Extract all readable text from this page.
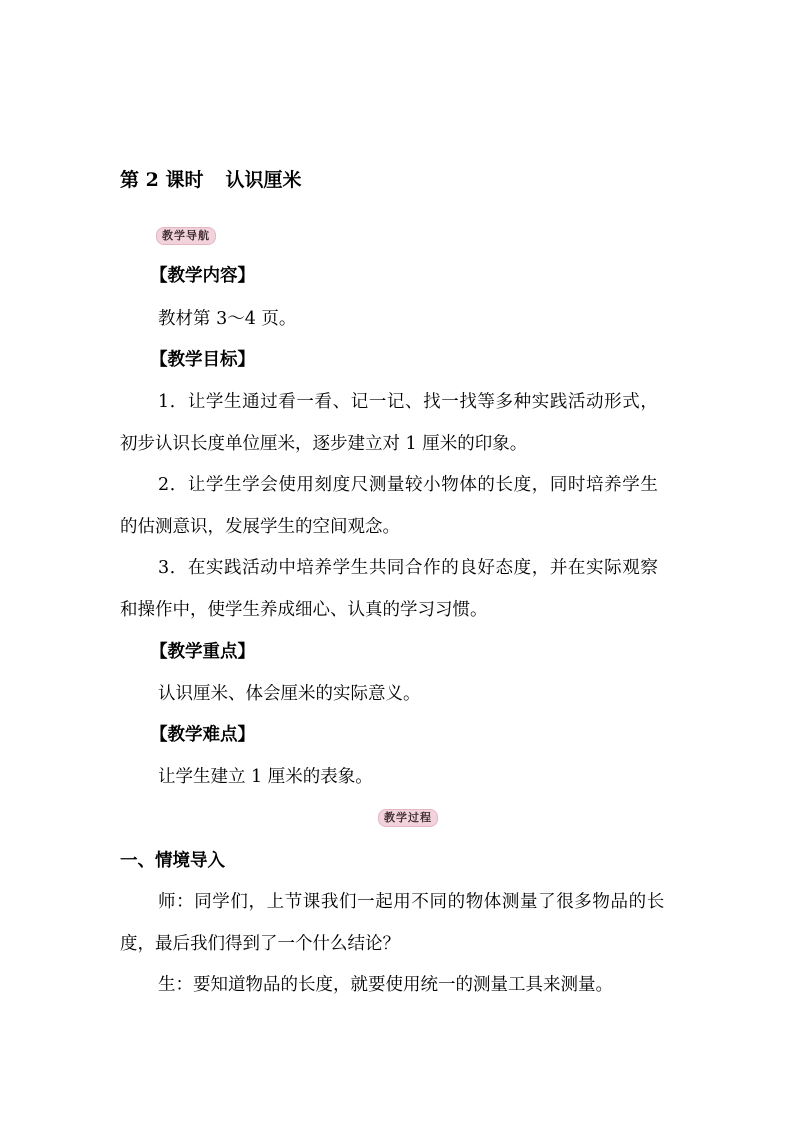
第 2 课时 认识厘米
教学导航
【教学内容】
教材第 3～4 页。
【教学目标】
1．让学生通过看一看、记一记、找一找等多种实践活动形式，
初步认识长度单位厘米，逐步建立对 1 厘米的印象。
2．让学生学会使用刻度尺测量较小物体的长度，同时培养学生
的估测意识，发展学生的空间观念。
3．在实践活动中培养学生共同合作的良好态度，并在实际观察
和操作中，使学生养成细心、认真的学习习惯。
【教学重点】
认识厘米、体会厘米的实际意义。
【教学难点】
让学生建立 1 厘米的表象。
教学过程
一、情境导入
师：同学们，上节课我们一起用不同的物体测量了很多物品的长
度，最后我们得到了一个什么结论？
生：要知道物品的长度，就要使用统一的测量工具来测量。
